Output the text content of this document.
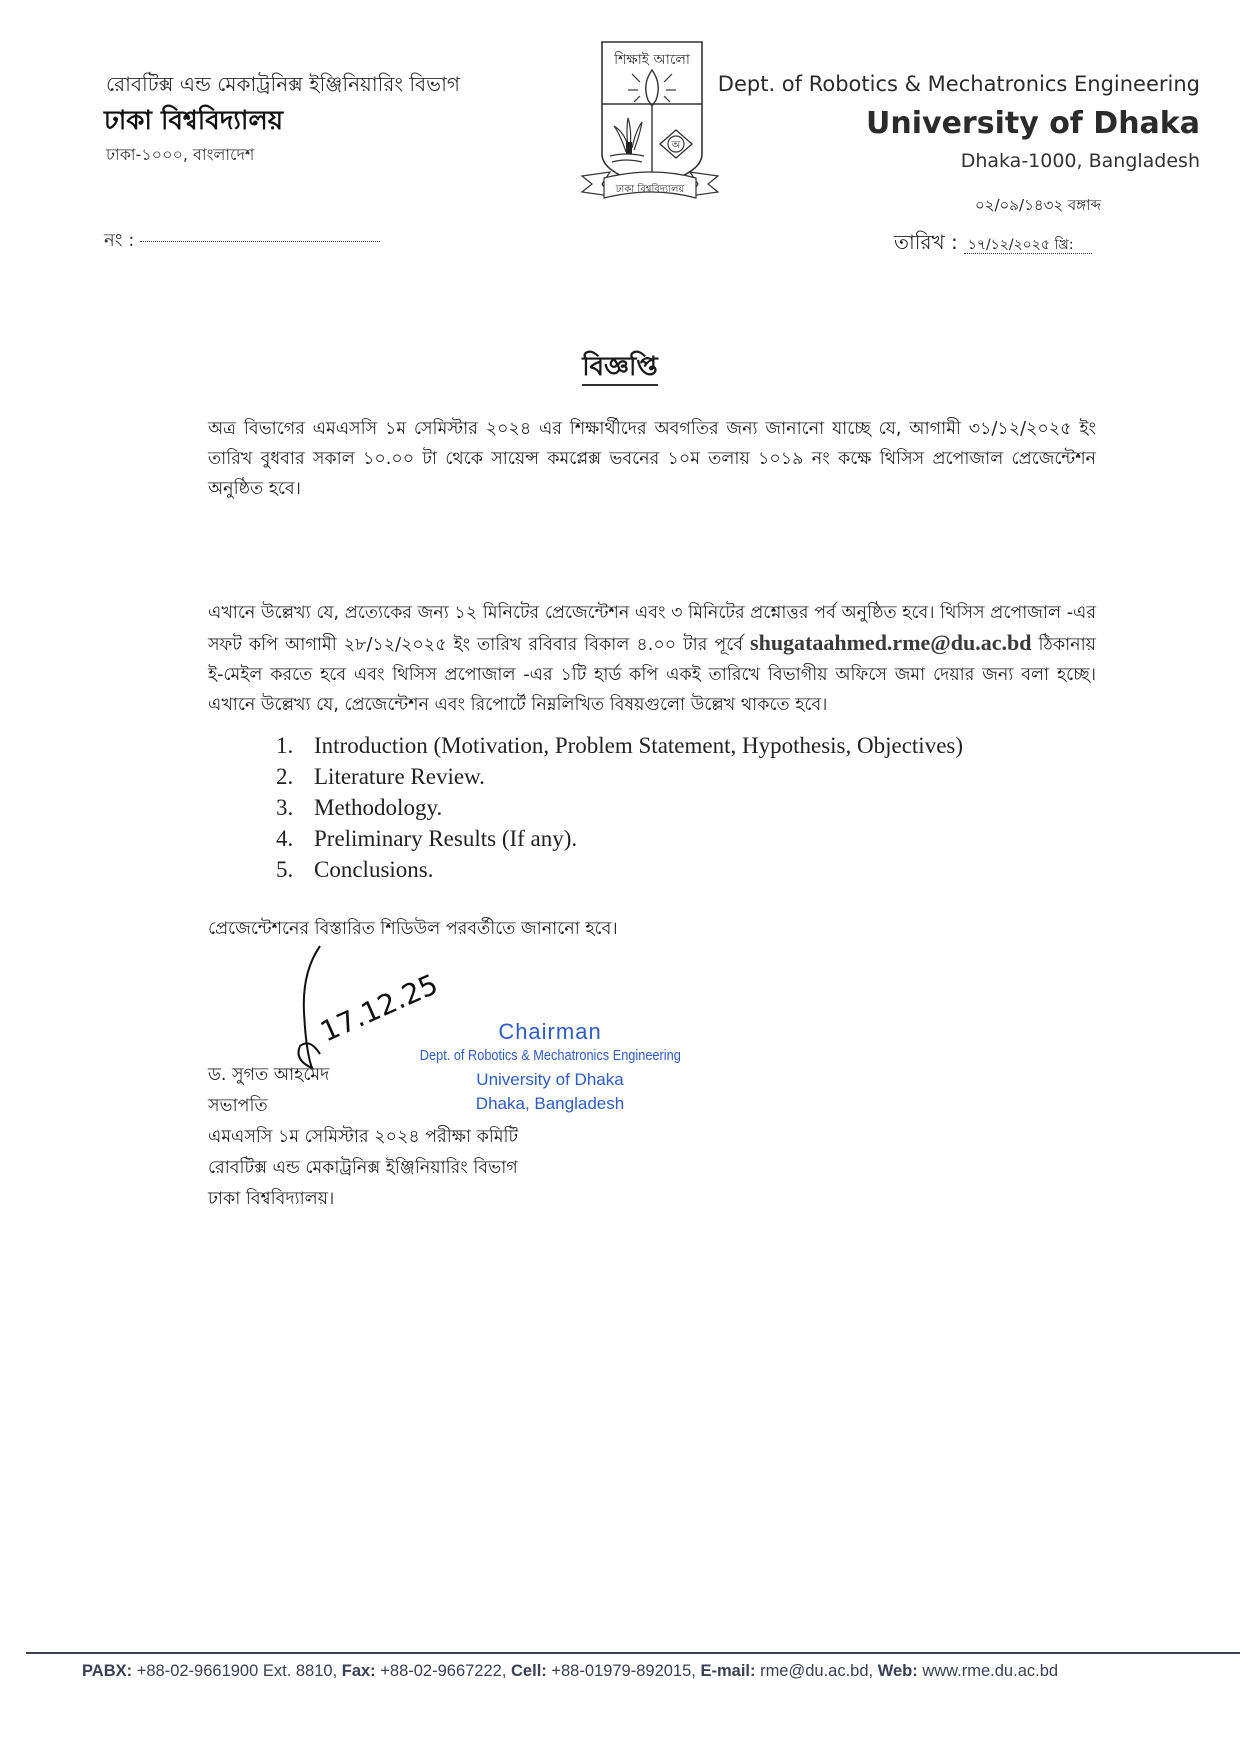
রোবটিক্স এন্ড মেকাট্রনিক্স ইঞ্জিনিয়ারিং বিভাগ
ঢাকা বিশ্ববিদ্যালয়
ঢাকা-১০০০, বাংলাদেশ
নং :
শিক্ষাই আলো
অ
ঢাকা বিশ্ববিদ্যালয়
Dept. of Robotics & Mechatronics Engineering
University of Dhaka
Dhaka-1000, Bangladesh
০২/০৯/১৪৩২ বঙ্গাব্দ
তারিখ : ১৭/১২/২০২৫ খ্রি:
বিজ্ঞপ্তি
অত্র বিভাগের এমএসসি ১ম সেমিস্টার ২০২৪ এর শিক্ষার্থীদের অবগতির জন্য জানানো যাচ্ছে যে, আগামী ৩১/১২/২০২৫ ইং তারিখ বুধবার সকাল ১০.০০ টা থেকে সায়েন্স কমপ্লেক্স ভবনের ১০ম তলায় ১০১৯ নং কক্ষে থিসিস প্রপোজাল প্রেজেন্টেশন অনুষ্ঠিত হবে।
এখানে উল্লেখ্য যে, প্রত্যেকের জন্য ১২ মিনিটের প্রেজেন্টেশন এবং ৩ মিনিটের প্রশ্নোত্তর পর্ব অনুষ্ঠিত হবে। থিসিস প্রপোজাল -এর সফট কপি আগামী ২৮/১২/২০২৫ ইং তারিখ রবিবার বিকাল ৪.০০ টার পূর্বে shugataahmed.rme@du.ac.bd ঠিকানায় ই-মেইল করতে হবে এবং থিসিস প্রপোজাল -এর ১টি হার্ড কপি একই তারিখে বিভাগীয় অফিসে জমা দেয়ার জন্য বলা হচ্ছে। এখানে উল্লেখ্য যে, প্রেজেন্টেশন এবং রিপোর্টে নিম্নলিখিত বিষয়গুলো উল্লেখ থাকতে হবে।
1. Introduction (Motivation, Problem Statement, Hypothesis, Objectives)
2. Literature Review.
3. Methodology.
4. Preliminary Results (If any).
5. Conclusions.
প্রেজেন্টেশনের বিস্তারিত শিডিউল পরবর্তীতে জানানো হবে।
17.12.25	Chairman
Dept. of Robotics & Mechatronics Engineering
University of Dhaka
Dhaka, Bangladesh
ড. সুগত আহমেদ
সভাপতি
এমএসসি ১ম সেমিস্টার ২০২৪ পরীক্ষা কমিটি
রোবটিক্স এন্ড মেকাট্রনিক্স ইঞ্জিনিয়ারিং বিভাগ
ঢাকা বিশ্ববিদ্যালয়।
PABX: +88-02-9661900 Ext. 8810, Fax: +88-02-9667222, Cell: +88-01979-892015, E-mail: rme@du.ac.bd, Web: www.rme.du.ac.bd
